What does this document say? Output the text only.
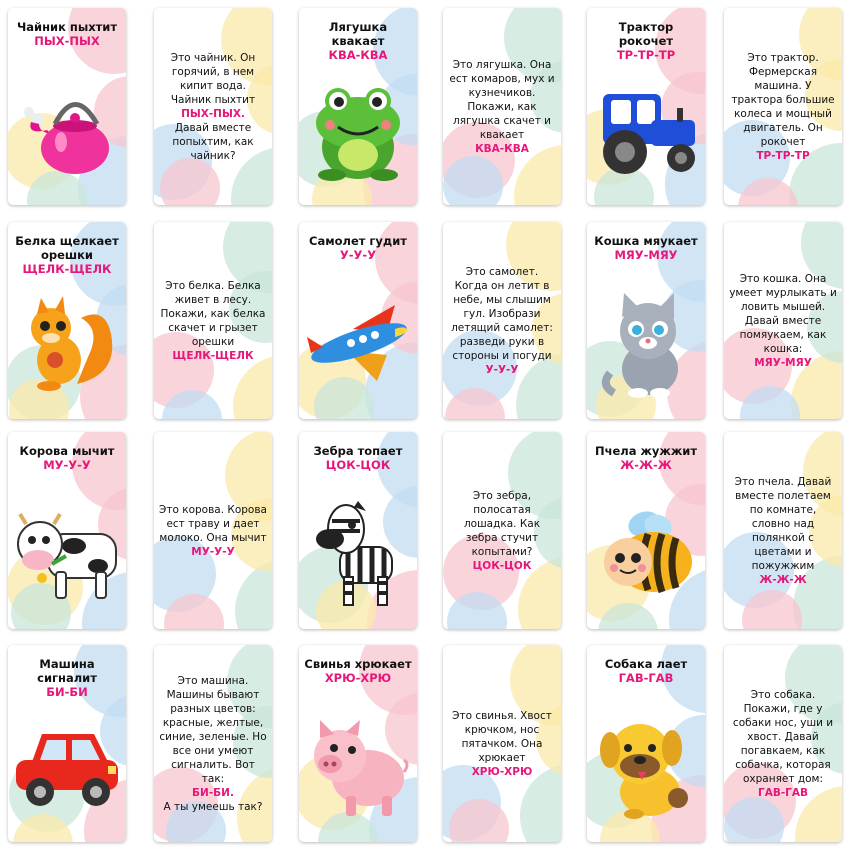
Чайник пыхтит
ПЫХ-ПЫХ
Это чайник. Он горячий, в нем кипит вода. Чайник пыхтит
ПЫХ-ПЫХ.
Давай вместе попыхтим, как чайник?
Лягушка квакает
КВА-КВА
Это лягушка. Она ест комаров, мух и кузнечиков. Покажи, как лягушка скачет и квакает
КВА-КВА
Трактор рокочет
ТР-ТР-ТР	Это трактор. Фермерская машина. У трактора большие колеса и мощный двигатель. Он рокочет
ТР-ТР-ТР
Белка щелкает орешки
ЩЕЛК-ЩЕЛК
Это белка. Белка живет в лесу. Покажи, как белка скачет и грызет орешки
ЩЕЛК-ЩЕЛК
Самолет гудит
У-У-У
Это самолет. Когда он летит в небе, мы слышим гул. Изобрази летящий самолет: разведи руки в стороны и погуди
У-У-У
Кошка мяукает
МЯУ-МЯУ
Это кошка. Она умеет мурлыкать и ловить мышей. Давай вместе помяукаем, как кошка:
МЯУ-МЯУ
Корова мычит
МУ-У-У
Это корова. Корова ест траву и дает молоко. Она мычит
МУ-У-У
Зебра топает
ЦОК-ЦОК
Это зебра, полосатая лошадка. Как зебра стучит копытами?
ЦОК-ЦОК
Пчела жужжит
Ж-Ж-Ж
Это пчела. Давай вместе полетаем по комнате, словно над полянкой с цветами и пожужжим
Ж-Ж-Ж
Машина сигналит
БИ-БИ
Это машина. Машины бывают разных цветов: красные, желтые, синие, зеленые. Но все они умеют сигналить. Вот так:
БИ-БИ.
А ты умеешь так?
Свинья хрюкает
ХРЮ-ХРЮ
Это свинья. Хвост крючком, нос пятачком. Она хрюкает
ХРЮ-ХРЮ
Собака лает
ГАВ-ГАВ
Это собака. Покажи, где у собаки нос, уши и хвост. Давай погавкаем, как собачка, которая охраняет дом:
ГАВ-ГАВ
